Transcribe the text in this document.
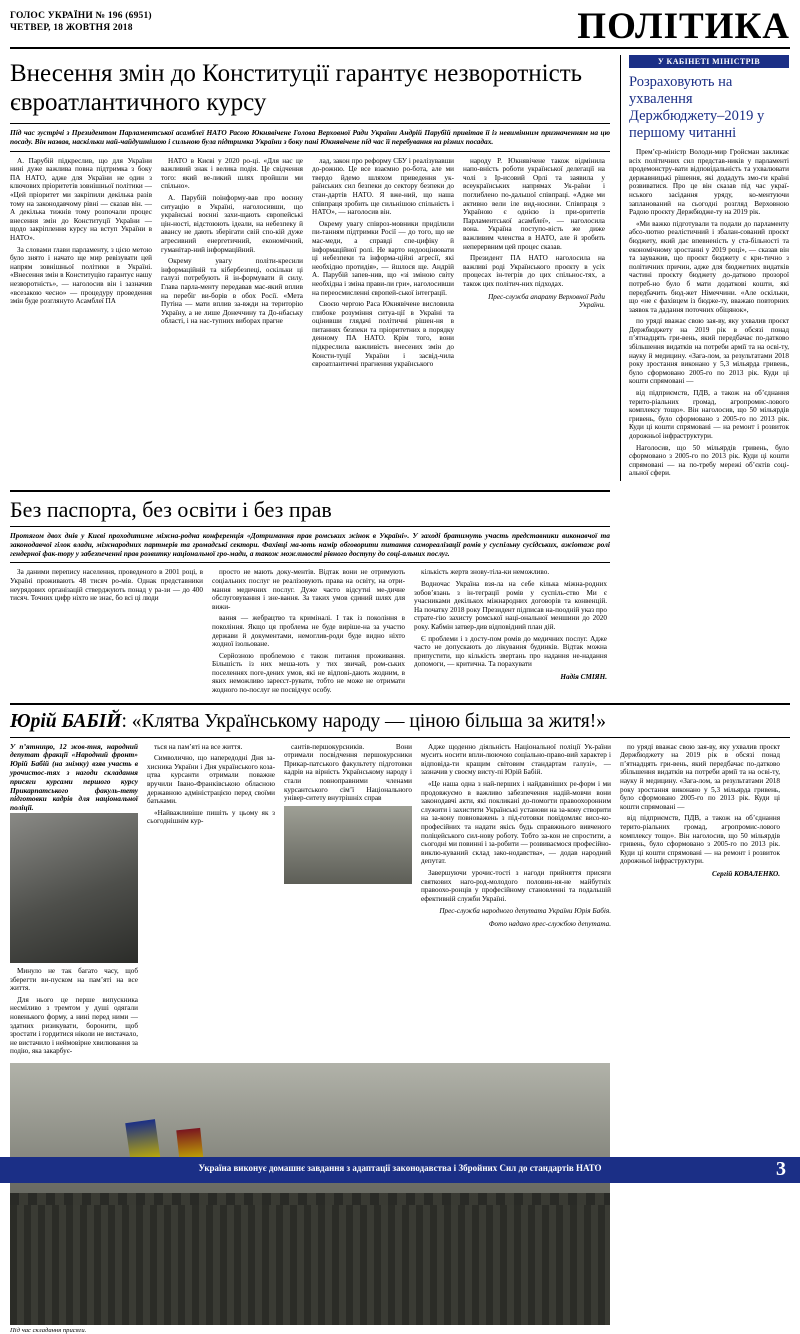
ГОЛОС УКРАЇНИ № 196 (6951)
ЧЕТВЕР, 18 ЖОВТНЯ 2018	ПОЛІТИКА
Внесення змін до Конституції гарантує незворотність євроатлантичного курсу
Під час зустрічі з Президентом Парламентської асамблеї НАТО Расою Юкнявічене Голова Верховної Ради України Андрій Парубій привітав її із невимінним призначенням на цю посаду. Він назвав, наскільки най-чайдушнішою і сильною була підтримка України з боку пані Юкнявічене під час її перебування на різних посадах.

А. Парубій підкреслив, що для України нині дуже важлива повна підтримка з боку ПА НАТО, адже для України не один з ключових пріоритетів зовнішньої політики — «Цей пріоритет ми закріпили декілька разів тому на законодавчому рівні — сказав він. — А декілька тижнів тому розпочали процес внесення змін до Конституції України — щодо закріплення курсу на вступ України в НАТО».

За словами глави парламенту, з цією метою було знято і начато ще мир ревізувати цей напрям зовнішньої політики в Україні. «Внесення змін в Конституцію гарантує нашу незворотність», — наголосив він і зазначив «всезакою чесно» — процедуру проведення змін буде розглянуто Асамблеї ПА

НАТО в Києві у 2020 ро-ці. «Для нас це важливий знак і велика подія. Це свідчення того: який ве-ликий шлях пройшли ми спільно».

А. Парубій поінформу-вав про воєнну ситуацію в Україні, наголосивши, що українські воєнні захи-щають європейські цін-ності, відстоюють ідеали, на небезпеку й авансу не дають зберігати свій спо-кій дуже агресивний енергетичний, економічний, гуманітар-ний інформаційний.

Окрему увагу політи-кресили інформаційній та кібербезпеці, оскільки ці галузі потребують й ін-формувати й силу. Глава парла-менту передавав мас-який вплив на перебіг ви-борів в обох Росії. «Мета Путіна — мати вплив за-вжди на територію Україну, а не лише Донеччину та До-нбаську області, і на нас-тупних виборах прагне

лад, закон про реформу СБУ і реалізувавши до-рожню. Це все взаємно ро-бота, але ми твердо йдемо шляхом приведення ук-раїнських сил безпеки до сектору безпеки до стан-дартів НАТО. Я вже-ний, що наша співпраця зробить ще сильнішою спільність і НАТО», — наголосив він.

Окрему увагу співроз-мовники приділили пи-танням підтримки Росії — до того, що не мас-меди, а справді спе-цифіку й інформаційної ролі. Не варто недооцінювати ці небезпеки та інформа-ційні агресії, які необхідно протидія», — йшлося ще. Андрій А. Парубій запев-нив, що «зі зміною світу необхідна і зміна прави-ли гри», наголосивши на переосмисленні європей-ської інтеграції.

Своєю чергою Раса Юкнявічене висловила глибоке розуміння ситуа-ції в Україні та оцінивши глядачі політичні рішен-ня в питаннях безпеки та пріоритетних в порядку денному ПА НАТО. Крім того, вони підкреслила важливість внесених змін до Консти-туції України і засвід-чила євроатлантичні прагнення українського

народу Р. Юкнявічене також відмінила напо-вність роботи української делегації на чолі з Ір-исовий Орлі та заявила у всеукраїнських напрямах Ук-раїни і поглиблено по-дальшої співпраці. «Адже ми активно вели іле вид-носини. Співпраця з Україною є однією із при-оритетів Парламентської асамблеї», — наголосила вона. Україна поступо-вість же диже важливим членства в НАТО, але й зробить неперервним цей процес сказав.

Президент ПА НАТО наголосила на важливі роді Українського проєкту в усіх процесах ін-тегрів до цих спільнос-тях, а також цих політич-них підходах.

Прес-служба апарату Верховної Ради України.
У КАБІНЕТІ МІНІСТРІВ
Розраховують на ухвалення Держбюджету–2019 у першому читанні

Прем’єр-міністр Володи-мир Гройсман закликає всіх політичних сил представ-ників у парламенті продемонстру-вати відповідальність та ухвалювати державницькі рішення, які додадуть змо-ги країні розвиватися. Про це він сказав під час украї-нського засідання уряду, ко-ментуючи запланований на сьогодні розгляд Верховною Радою проєкту Держбюдже-ту на 2019 рік.

«Ми важко підготували та подали до парламенту абсо-лютно реалістичний і збалан-сований проєкт бюджету, який дає впевненість у ста-більності та економічному зростанні у 2019 році», — сказав він та зауважив, що проєкт бюджету є кри-тично з політичних причин, адже для бюджетних видатків частині проєкту бюджету до-датково прозорої потреб-но було б мати додаткові кошти, які передбачить бюд-жет Німеччини. «Але оскільки, що «не є фахівцем із бюдже-ту, вважаю повторних заявок та дадання поточних обіцянок»,

по уряді вважає свою зая-ву, яку ухвалив проєкт Держбюджету на 2019 рік в обсязі понад п’ятнадцять гри-вень, який передбачає по-датково збільшення видатків на потреби армії та на осві-ту, науку й медицину. «Зага-лом, за результатами 2018 року зростання виконано у 5,3 мільярда гривень, було сформовано 2005-го по 2013 рік. Куди ці кошти спрямовані —

від підприємств, ПДВ, а також на об’єднання терито-ріальних громад, агропромис-лового комплексу тощо». Він наголосив, що 50 мільярдів гривень, було сформовано з 2005-го по 2013 рік. Куди ці кошти спрямовані — на ремонт і розвиток дорожньої інфраструктури.

Наголосив, що 50 мільярдів гривень, було сформовано з 2005-го по 2013 рік. Куди ці кошти спрямовані — на по-требу мережі об’єктів соці-альної сфери.

Без паспорта, без освіти і без прав
Протягом двох днів у Києві проходитиме міжна-родна конференція «Дотримання прав ромських жінок в Україні». У заході братимуть участь представники виконавчої та законодавчої гілок влади, міжнародних партнерів та громадські сектори. Фахівці ма-ють намір обговорити питання самореалізації ромів у суспільну сусідських, ажіотаж ролі гендерної фак-тору у забезпеченні прав розвитку національної гро-мади, а також можливості рівного доступу до соці-альних послуг.

За даними перепису населення, проведеного в 2001 році, в Україні проживають 48 тисяч ро-мів. Однак представники неурядових організацій стверджують понад у ра-зи — до 400 тисяч. Точних цифр ніхто не знає, бо всі ці люди

просто не мають доку-ментів. Відтак вони не отримують соціальних послуг не реалізовують права на освіту, на отри-мання медичних послуг. Дуже часто відсутні ме-дичне обслуговування і зне-вання. За таких умов єдиний шлях для вижи-

вання — жебрацтво та криміналі. І так із покоління в покоління. Якщо ця проблема не буде виріше-на за участю держави й документами, немоглив-роди буде видно ніхто жодної ізольоване.

Серйозною проблемою є також питання проживання. Більшість із них меша-ють у тих звичай, ром-ських поселеннях поге-дених умов, які не відпові-дають жодним, в яких неможливо зареєст-рувати, тобто не може не отримати жодного по-послуг не посвідчує особу.

кількість жертв знову-тіла-ки неможливо.

Водночас Україна взя-ла на себе кілька міжна-родних зобов’язань з ін-теграції ромів у суспіль-ство Ми є учасниками декількох міжнародних договорів та конвенцій. На початку 2018 року Президент підписав на-поодній указ про страте-гію захисту ромської наці-ональної меншини до 2020 року. Кабмін затвер-див відповідний план дій.

Є проблеми і з досту-пом ромів до медичних послуг. Адже часто не допускають до лікування будинків. Відтак можна припустити, що кількість звертань про надання не-надання допомоги, — критична. Та порахувати

Надія СМІЯН.
Юрій БАБІЙ: «Клятва Українському народу — ціною більша за житя!»
У п’ятницю, 12 жов-тня, народний депутат фракції «Народний фронт» Юрій Бабій (на знімку) взяв участь в урочистос-тях з нагоди складання присяги курсами першого курсу Прикарпатського факуль-тету підготовки кадрів для національної поліції.

Минуло не так багато часу, щоб зберегти ви-пуском на пам’яті на все життя.

Для нього це перше випускника несміливо з тремтом у душі одягали новенького форму, а нині перед ними — здатних ризикувати, боронити, щоб зростати і гордитися ніколи не вистачало, не вистачило і неймовірне хвилювання за подію, яка закарбує-

ться на пам’яті на все життя.

Символично, що напередодні Дня за-хисника України і Дня українського коза-цтва курсанти отримали поважне вручили Івано-Франківською обласною державною адміністрацією перед своїми батьками.

«Найважливіше пишіть у цьому як з сьогоднішнім кур-

сантів-першокурсників. Вони отримали посвідчення першокурсники Прикар-патського факультету підготовки кадрів на вірність Українському народу і стали повноправними членами курсантського сім’ї Національного універ-ситету внутрішніх справ

Адже щоденно діяльність Національної поліції Ук-раїни мусить носити впли-люючою соціально-право-вий характер і відповіда-ти кращим світовим стандартам галузі», — зазначив у своєму висту-пі Юрій Бабій.

«Це наша одна з най-перших і найдавніших ре-форм і ми продовжуємо в важливо забезпечення надій-мовчи вони законодавчі акти, які покликані до-помогти правоохоронним служити і захистити Українські установи на за-кону створити на за-кону повноважень з під-готовки повідомляє висо-ко-професійних та надати якісь будь справжнього вивченого поліцейського сил-нову роботу. Тобто за-кон не спростити, а сьогодні ми повинні і за-робити — розвиваємося професійно-виклю-куваний склад зако-нодавства», — додав народний депутат.

Завершуючи урочис-тості з нагоди прийняття присяги святкових наго-род-молодого половин-ня-не майбутніх правоохо-ронців у професійному становленні та подальшій ефективній служби Україні.

Прес-служба народного депутата України Юрія Бабія.
Фото надано прес-службою депутата.

по уряді вважає свою зая-ву, яку ухвалив проєкт Держбюджету на 2019 рік в обсязі понад п’ятнадцять гри-вень, який передбачає по-датково збільшення видатків на потреби армії та на осві-ту, науку й медицину. «Зага-лом, за результатами 2018 року зростання виконано у 5,3 мільярда гривень, було сформовано 2005-го по 2013 рік. Куди ці кошти спрямовані —

від підприємств, ПДВ, а також на об’єднання терито-ріальних громад, агропромис-лового комплексу тощо». Він наголосив, що 50 мільярдів гривень, було сформовано з 2005-го по 2013 рік. Куди ці кошти спрямовані — на ремонт і розвиток дорожньої інфраструктури.

Сергій КОВАЛЕНКО.
Під час складання присяги.
Україна виконує домашнє завдання з адаптації законодавства і Збройних Сил до стандартів НАТО	3
